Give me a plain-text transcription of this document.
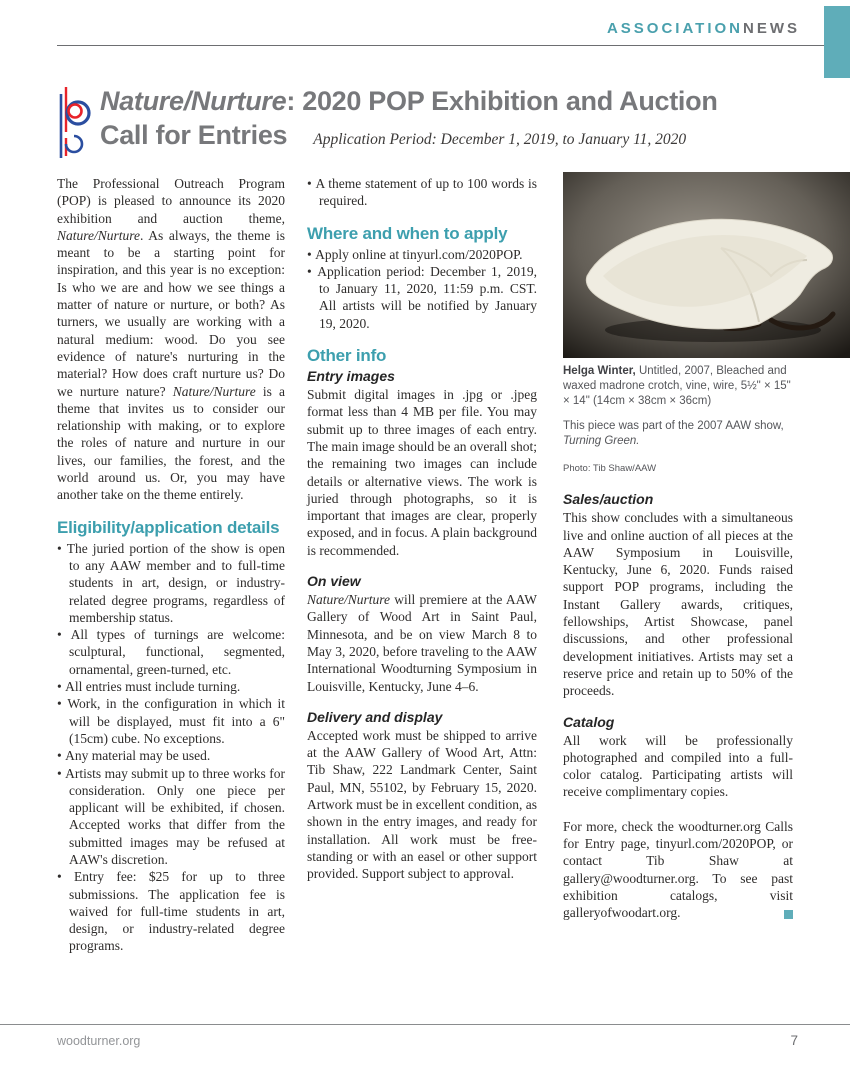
ASSOCIATIONNEWS
Nature/Nurture: 2020 POP Exhibition and Auction
Call for Entries Application Period: December 1, 2019, to January 11, 2020

The Professional Outreach Program (POP) is pleased to announce its 2020 exhibition and auction theme, Nature/Nurture. As always, the theme is meant to be a starting point for inspiration, and this year is no exception: Is who we are and how we see things a matter of nature or nurture, or both? As turners, we usually are working with a natural medium: wood. Do you see evidence of nature's nurturing in the material? How does craft nurture us? Do we nurture nature? Nature/Nurture is a theme that invites us to consider our relationship with making, or to explore the roles of nature and nurture in our lives, our families, the forest, and the world around us. Or, you may have another take on the theme entirely.

Eligibility/application details
• The juried portion of the show is open to any AAW member and to full-time students in art, design, or industry-related degree programs, regardless of membership status.
• All types of turnings are welcome: sculptural, functional, segmented, ornamental, green-turned, etc.
• All entries must include turning.
• Work, in the configuration in which it will be displayed, must fit into a 6" (15cm) cube. No exceptions.
• Any material may be used.
• Artists may submit up to three works for consideration. Only one piece per applicant will be exhibited, if chosen. Accepted works that differ from the submitted images may be refused at AAW's discretion.
• Entry fee: $25 for up to three submissions. The application fee is waived for full-time students in art, design, or industry-related degree programs.
• A theme statement of up to 100 words is required.
Where and when to apply
• Apply online at tinyurl.com/2020POP.
• Application period: December 1, 2019, to January 11, 2020, 11:59 p.m. CST. All artists will be notified by January 19, 2020.
Other info
Entry images

Submit digital images in .jpg or .jpeg format less than 4 MB per file. You may submit up to three images of each entry. The main image should be an overall shot; the remaining two images can include details or alternative views. The work is juried through photographs, so it is important that images are clear, properly exposed, and in focus. A plain background is recommended.

On view

Nature/Nurture will premiere at the AAW Gallery of Wood Art in Saint Paul, Minnesota, and be on view March 8 to May 3, 2020, before traveling to the AAW International Woodturning Symposium in Louisville, Kentucky, June 4–6.

Delivery and display

Accepted work must be shipped to arrive at the AAW Gallery of Wood Art, Attn: Tib Shaw, 222 Landmark Center, Saint Paul, MN, 55102, by February 15, 2020. Artwork must be in excellent condition, as shown in the entry images, and ready for installation. All work must be free-standing or with an easel or other support provided. Support subject to approval.

Helga Winter, Untitled, 2007, Bleached and waxed madrone crotch, vine, wire, 5½" × 15" × 14" (14cm × 38cm × 36cm)

This piece was part of the 2007 AAW show, Turning Green.

Photo: Tib Shaw/AAW

Sales/auction

This show concludes with a simultaneous live and online auction of all pieces at the AAW Symposium in Louisville, Kentucky, June 6, 2020. Funds raised support POP programs, including the Instant Gallery awards, critiques, fellowships, Artist Showcase, panel discussions, and other professional development initiatives. Artists may set a reserve price and retain up to 50% of the proceeds.

Catalog

All work will be professionally photographed and compiled into a full-color catalog. Participating artists will receive complimentary copies.

For more, check the woodturner.org Calls for Entry page, tinyurl.com/2020POP, or contact Tib Shaw at gallery@woodturner.org. To see past exhibition catalogs, visit galleryofwoodart.org.

woodturner.org	7
